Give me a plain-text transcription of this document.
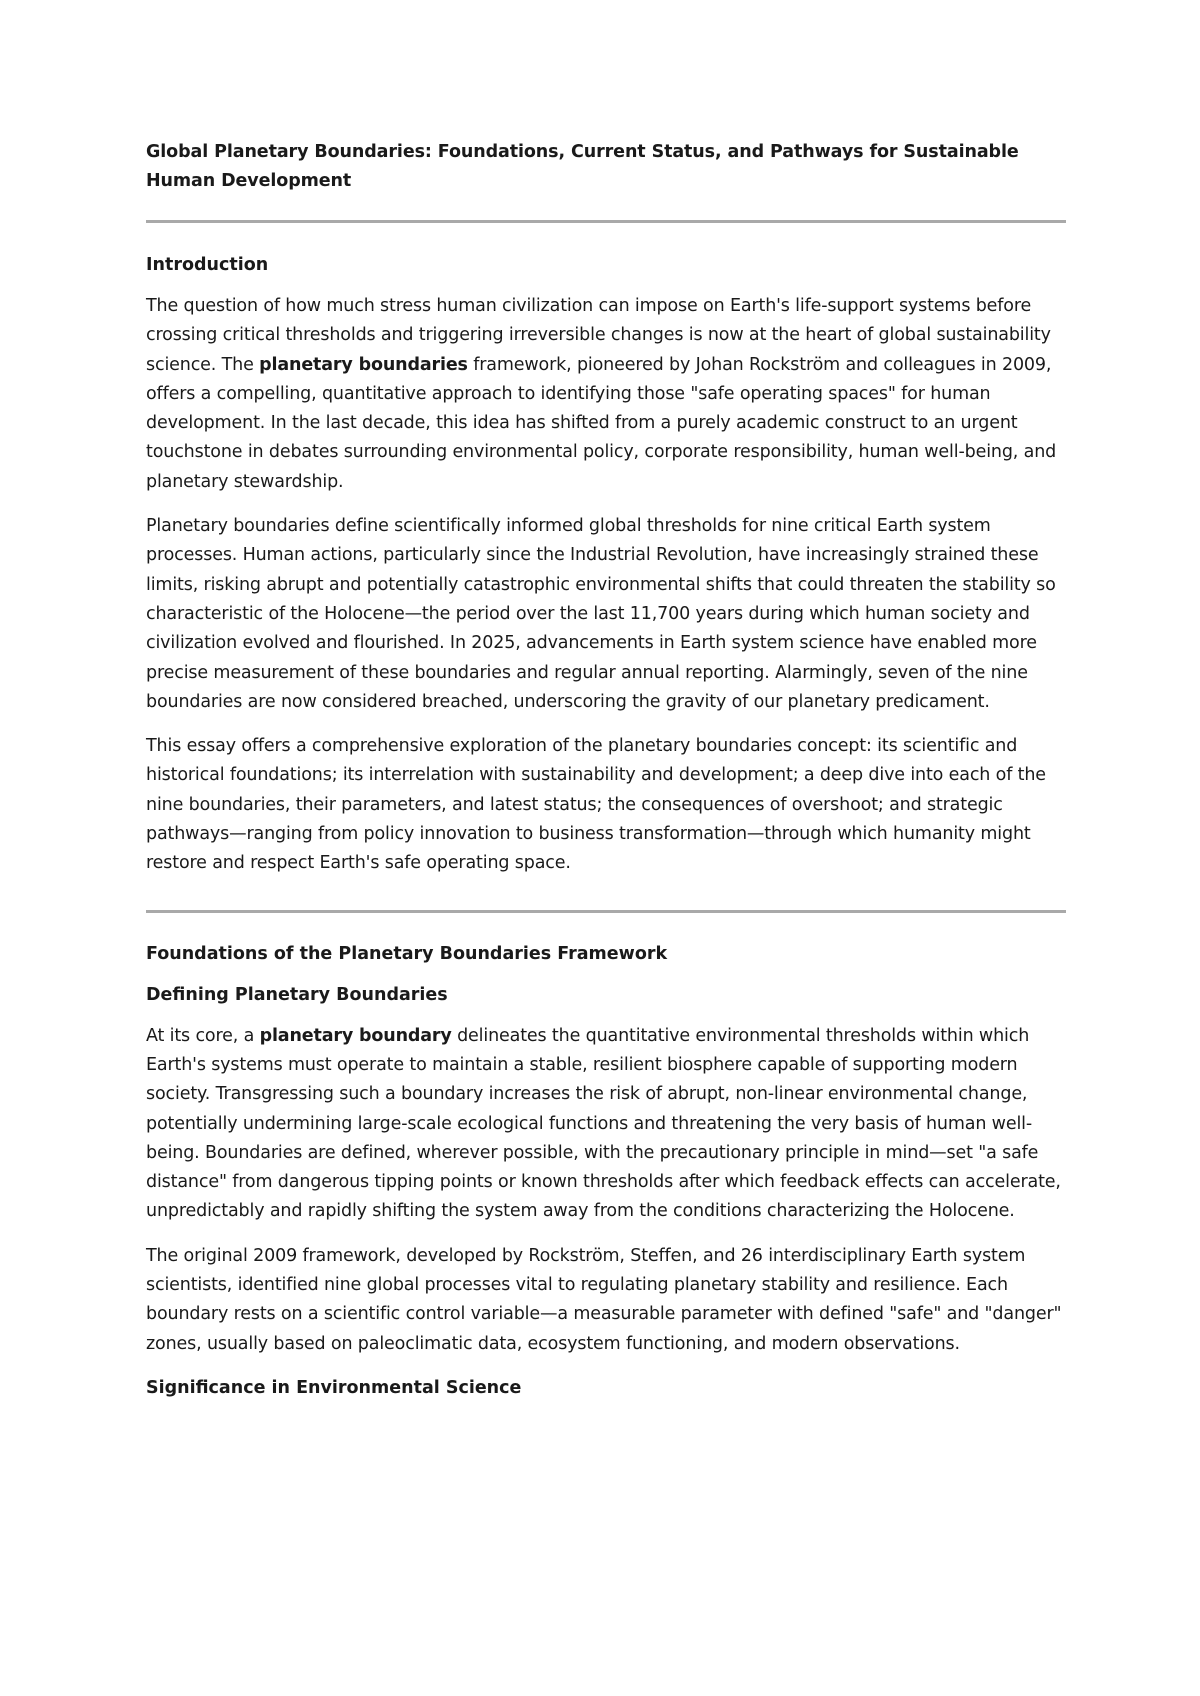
Global Planetary Boundaries: Foundations, Current Status, and Pathways for Sustainable Human Development
Introduction

The question of how much stress human civilization can impose on Earth's life-support systems before crossing critical thresholds and triggering irreversible changes is now at the heart of global sustainability science. The planetary boundaries framework, pioneered by Johan Rockström and colleagues in 2009, offers a compelling, quantitative approach to identifying those "safe operating spaces" for human development. In the last decade, this idea has shifted from a purely academic construct to an urgent touchstone in debates surrounding environmental policy, corporate responsibility, human well-being, and planetary stewardship.

Planetary boundaries define scientifically informed global thresholds for nine critical Earth system processes. Human actions, particularly since the Industrial Revolution, have increasingly strained these limits, risking abrupt and potentially catastrophic environmental shifts that could threaten the stability so characteristic of the Holocene—the period over the last 11,700 years during which human society and civilization evolved and flourished. In 2025, advancements in Earth system science have enabled more precise measurement of these boundaries and regular annual reporting. Alarmingly, seven of the nine boundaries are now considered breached, underscoring the gravity of our planetary predicament.

This essay offers a comprehensive exploration of the planetary boundaries concept: its scientific and historical foundations; its interrelation with sustainability and development; a deep dive into each of the nine boundaries, their parameters, and latest status; the consequences of overshoot; and strategic pathways—ranging from policy innovation to business transformation—through which humanity might restore and respect Earth's safe operating space.

Foundations of the Planetary Boundaries Framework
Defining Planetary Boundaries

At its core, a planetary boundary delineates the quantitative environmental thresholds within which Earth's systems must operate to maintain a stable, resilient biosphere capable of supporting modern society. Transgressing such a boundary increases the risk of abrupt, non-linear environmental change, potentially undermining large-scale ecological functions and threatening the very basis of human well-being. Boundaries are defined, wherever possible, with the precautionary principle in mind—set "a safe distance" from dangerous tipping points or known thresholds after which feedback effects can accelerate, unpredictably and rapidly shifting the system away from the conditions characterizing the Holocene.

The original 2009 framework, developed by Rockström, Steffen, and 26 interdisciplinary Earth system scientists, identified nine global processes vital to regulating planetary stability and resilience. Each boundary rests on a scientific control variable—a measurable parameter with defined "safe" and "danger" zones, usually based on paleoclimatic data, ecosystem functioning, and modern observations.

Significance in Environmental Science
